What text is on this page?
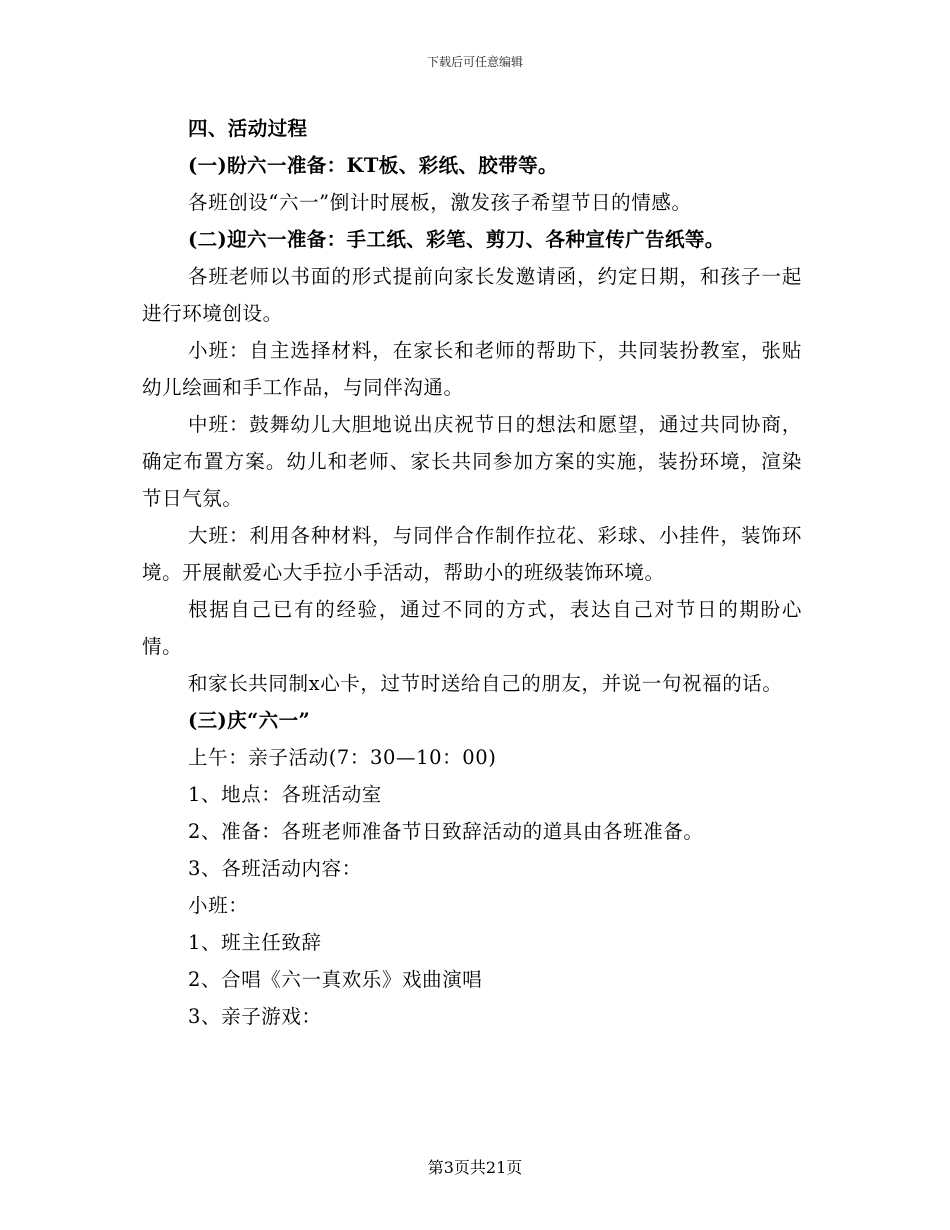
下载后可任意编辑

四、活动过程

(一)盼六一准备：KT板、彩纸、胶带等。

各班创设“六一”倒计时展板，激发孩子希望节日的情感。

(二)迎六一准备：手工纸、彩笔、剪刀、各种宣传广告纸等。

各班老师以书面的形式提前向家长发邀请函，约定日期，和孩子一起进行环境创设。

小班：自主选择材料，在家长和老师的帮助下，共同装扮教室，张贴幼儿绘画和手工作品，与同伴沟通。

中班：鼓舞幼儿大胆地说出庆祝节日的想法和愿望，通过共同协商，确定布置方案。幼儿和老师、家长共同参加方案的实施，装扮环境，渲染节日气氛。

大班：利用各种材料，与同伴合作制作拉花、彩球、小挂件，装饰环境。开展献爱心大手拉小手活动，帮助小的班级装饰环境。

根据自己已有的经验，通过不同的方式，表达自己对节日的期盼心情。

和家长共同制x心卡，过节时送给自己的朋友，并说一句祝福的话。

(三)庆“六一”

上午：亲子活动(7：30—10：00)

1、地点：各班活动室

2、准备：各班老师准备节日致辞活动的道具由各班准备。

3、各班活动内容：

小班：

1、班主任致辞

2、合唱《六一真欢乐》戏曲演唱

3、亲子游戏：

第3页共21页
